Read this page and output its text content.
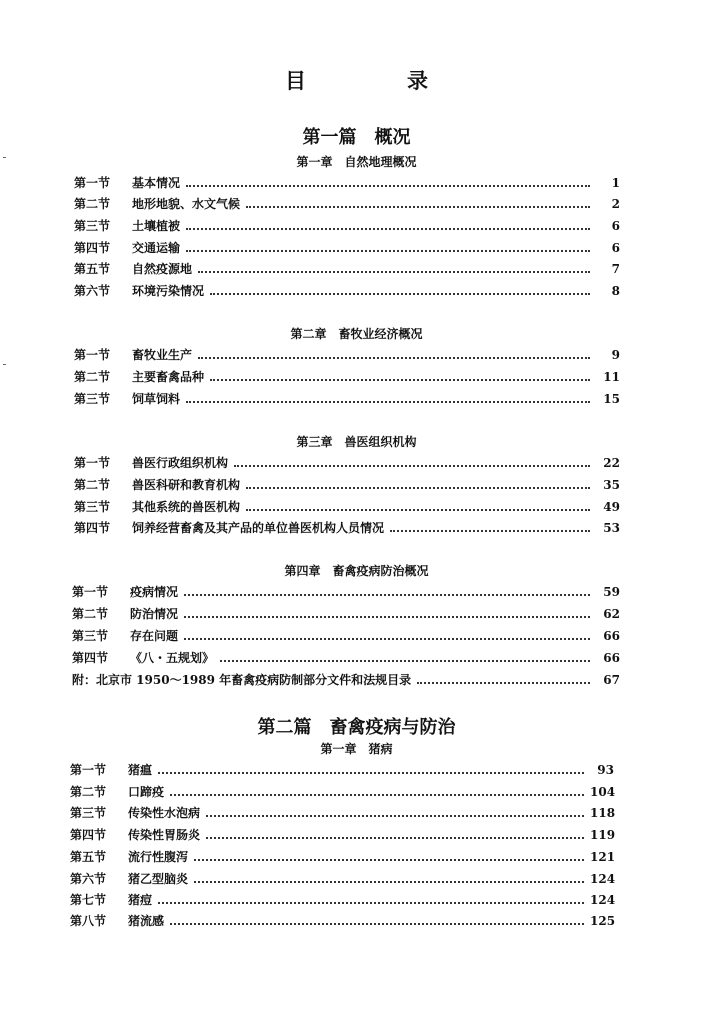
目　录
第一篇　概况
第一章　自然地理概况
第一节	基本情况	1
第二节	地形地貌、水文气候	2
第三节	土壤植被	6
第四节	交通运输	6
第五节	自然疫源地	7
第六节	环境污染情况	8
第二章　畜牧业经济概况
第一节	畜牧业生产	9
第二节	主要畜禽品种	11
第三节	饲草饲料	15
第三章　兽医组织机构
第一节	兽医行政组织机构	22
第二节	兽医科研和教育机构	35
第三节	其他系统的兽医机构	49
第四节	饲养经营畜禽及其产品的单位兽医机构人员情况	53
第四章　畜禽疫病防治概况
第一节	疫病情况	59
第二节	防治情况	62
第三节	存在问题	66
第四节	《八・五规划》	66
附：北京市 1950～1989 年畜禽疫病防制部分文件和法规目录	67
第二篇　畜禽疫病与防治
第一章　猪病
第一节	猪瘟	93
第二节	口蹄疫	104
第三节	传染性水泡病	118
第四节	传染性胃肠炎	119
第五节	流行性腹泻	121
第六节	猪乙型脑炎	124
第七节	猪痘	124
第八节	猪流感	125
